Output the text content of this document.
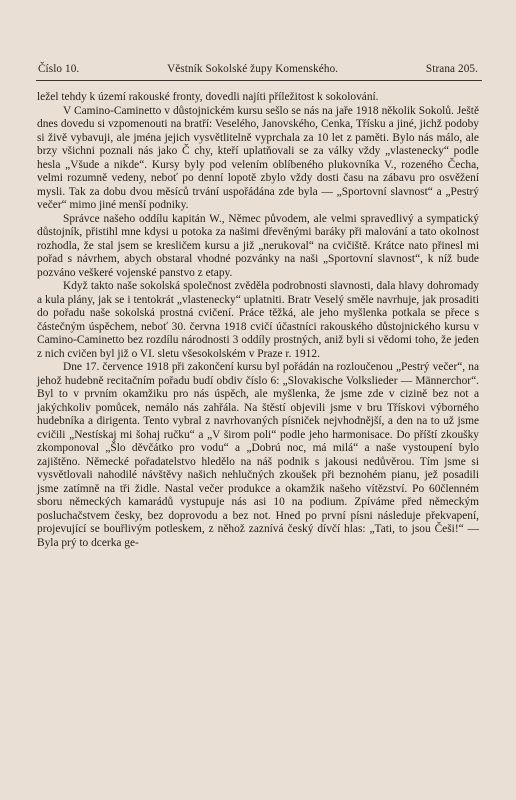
Číslo 10.	Věstník Sokolské župy Komenského.	Strana 205.

ležel tehdy k území rakouské fronty, dovedli najíti příležitost k sokolování.

V Camino-Caminetto v důstojnickém kursu sešlo se nás na jaře 1918 několik Sokolů. Ještě dnes dovedu si vzpomenouti na bratří: Veselého, Janovského, Cenka, Třísku a jiné, jichž podoby si živě vybavuji, ale jména jejich vysvětlitelně vyprchala za 10 let z paměti. Bylo nás málo, ale brzy všichni poznali nás jako Č chy, kteří uplatňovali se za války vždy „vlastenecky“ podle hesla „Všude a nikde“. Kursy byly pod velením oblíbeného plukovníka V., rozeného Čecha, velmi rozumně vedeny, neboť po denní lopotě zbylo vždy dosti času na zábavu pro osvěžení mysli. Tak za dobu dvou měsíců trvání uspořádána zde byla — „Sportovní slavnost“ a „Pestrý večer“ mimo jiné menší podniky.

Správce našeho oddílu kapitán W., Němec původem, ale velmi spravedlivý a sympatický důstojník, přistihl mne kdysi u potoka za našimi dřevěnými baráky při malování a tato okolnost rozhodla, že stal jsem se kresličem kursu a již „nerukoval“ na cvičiště. Krátce nato přinesl mi pořad s návrhem, abych obstaral vhodné pozvánky na naši „Sportovní slavnost“, k níž bude pozváno veškeré vojenské panstvo z etapy.

Když takto naše sokolská společnost zvěděla podrobnosti slavnosti, dala hlavy dohromady a kula plány, jak se i tentokrát „vlastenecky“ uplatniti. Bratr Veselý směle navrhuje, jak prosaditi do pořadu naše sokolská prostná cvičení. Práce těžká, ale jeho myšlenka potkala se přece s částečným úspěchem, neboť 30. června 1918 cvičí účastníci rakouského důstojnického kursu v Camino-Caminetto bez rozdílu národnosti 3 oddíly prostných, aniž byli si vědomi toho, že jeden z nich cvičen byl již o VI. sletu všesokolském v Praze r. 1912.

Dne 17. července 1918 při zakončení kursu byl pořádán na rozloučenou „Pestrý večer“, na jehož hudebně recitačním pořadu budí obdiv číslo 6: „Slovakische Volkslieder — Männerchor“. Byl to v prvním okamžiku pro nás úspěch, ale myšlenka, že jsme zde v cizině bez not a jakýchkoliv pomůcek, nemálo nás zahřála. Na štěstí objevili jsme v bru Třískovi výborného hudebníka a dirigenta. Tento vybral z navrhovaných písniček nejvhodnější, a den na to už jsme cvičili „Nestískaj mi šohaj ručku“ a „V širom poli“ podle jeho harmonisace. Do příští zkoušky zkomponoval „Šlo děvčátko pro vodu“ a „Dobrú noc, má milá“ a naše vystoupení bylo zajištěno. Německé pořadatelstvo hledělo na náš podnik s jakousi nedůvěrou. Tím jsme si vysvětlovali nahodilé návštěvy našich nehlučných zkoušek při beznohém pianu, jež posadili jsme zatímně na tři židle. Nastal večer produkce a okamžik našeho vítězství. Po 60členném sboru německých kamarádů vystupuje nás asi 10 na podium. Zpíváme před německým posluchačstvem česky, bez doprovodu a bez not. Hned po první písni následuje překvapení, projevující se bouřlivým potleskem, z něhož zaznívá český dívčí hlas: „Tati, to jsou Češi!“ — Byla prý to dcerka ge-
